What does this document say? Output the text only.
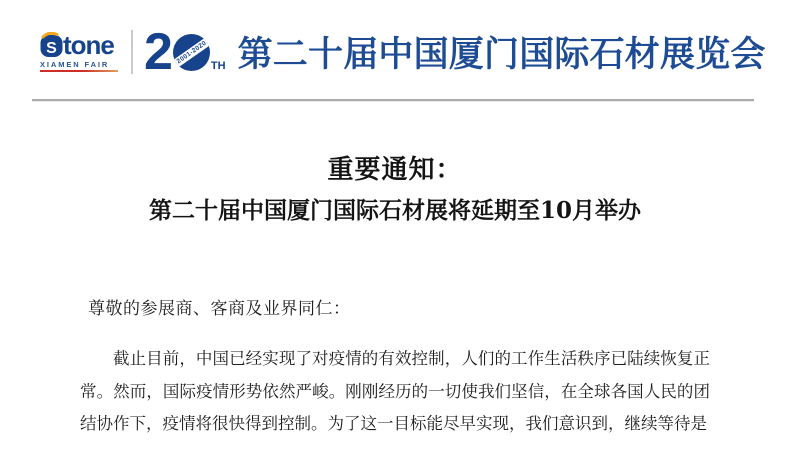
S tone
XIAMEN FAIR 2 2001-2020
TH 第二十届中国厦门国际石材展览会
重要通知：
第二十届中国厦门国际石材展将延期至10月举办

尊敬的参展商、客商及业界同仁：

截止目前，中国已经实现了对疫情的有效控制，人们的工作生活秩序已陆续恢复正常。然而，国际疫情形势依然严峻。刚刚经历的一切使我们坚信，在全球各国人民的团结协作下，疫情将很快得到控制。为了这一目标能尽早实现，我们意识到，继续等待是
